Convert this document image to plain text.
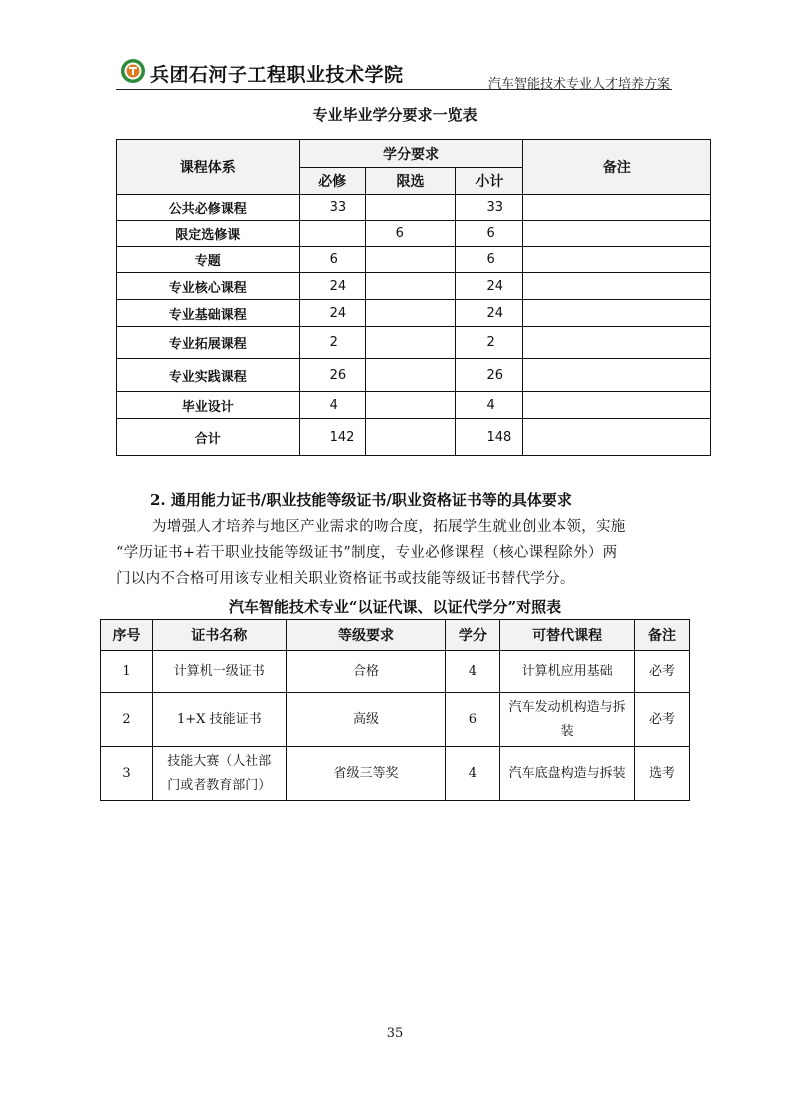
兵团石河子工程职业技术学院	汽车智能技术专业人才培养方案
专业毕业学分要求一览表
课程体系	学分要求			备注
	必修	限选	小计	
公共必修课程	33		33	
限定选修课		6	6	
专题	6		6	
专业核心课程	24		24	
专业基础课程	24		24	
专业拓展课程	2		2	
专业实践课程	26		26	
毕业设计	4		4	
合计	142		148	
2. 通用能力证书/职业技能等级证书/职业资格证书等的具体要求
为增强人才培养与地区产业需求的吻合度，拓展学生就业创业本领，实施
“学历证书+若干职业技能等级证书”制度，专业必修课程（核心课程除外）两
门以内不合格可用该专业相关职业资格证书或技能等级证书替代学分。
汽车智能技术专业“以证代课、以证代学分”对照表
序号	证书名称	等级要求	学分	可替代课程	备注
1	计算机一级证书	合格	4	计算机应用基础	必考
2	1+X 技能证书	高级	6	汽车发动机构造与拆装	必考
3	技能大赛（人社部门或者教育部门）	省级三等奖	4	汽车底盘构造与拆装	选考
35
